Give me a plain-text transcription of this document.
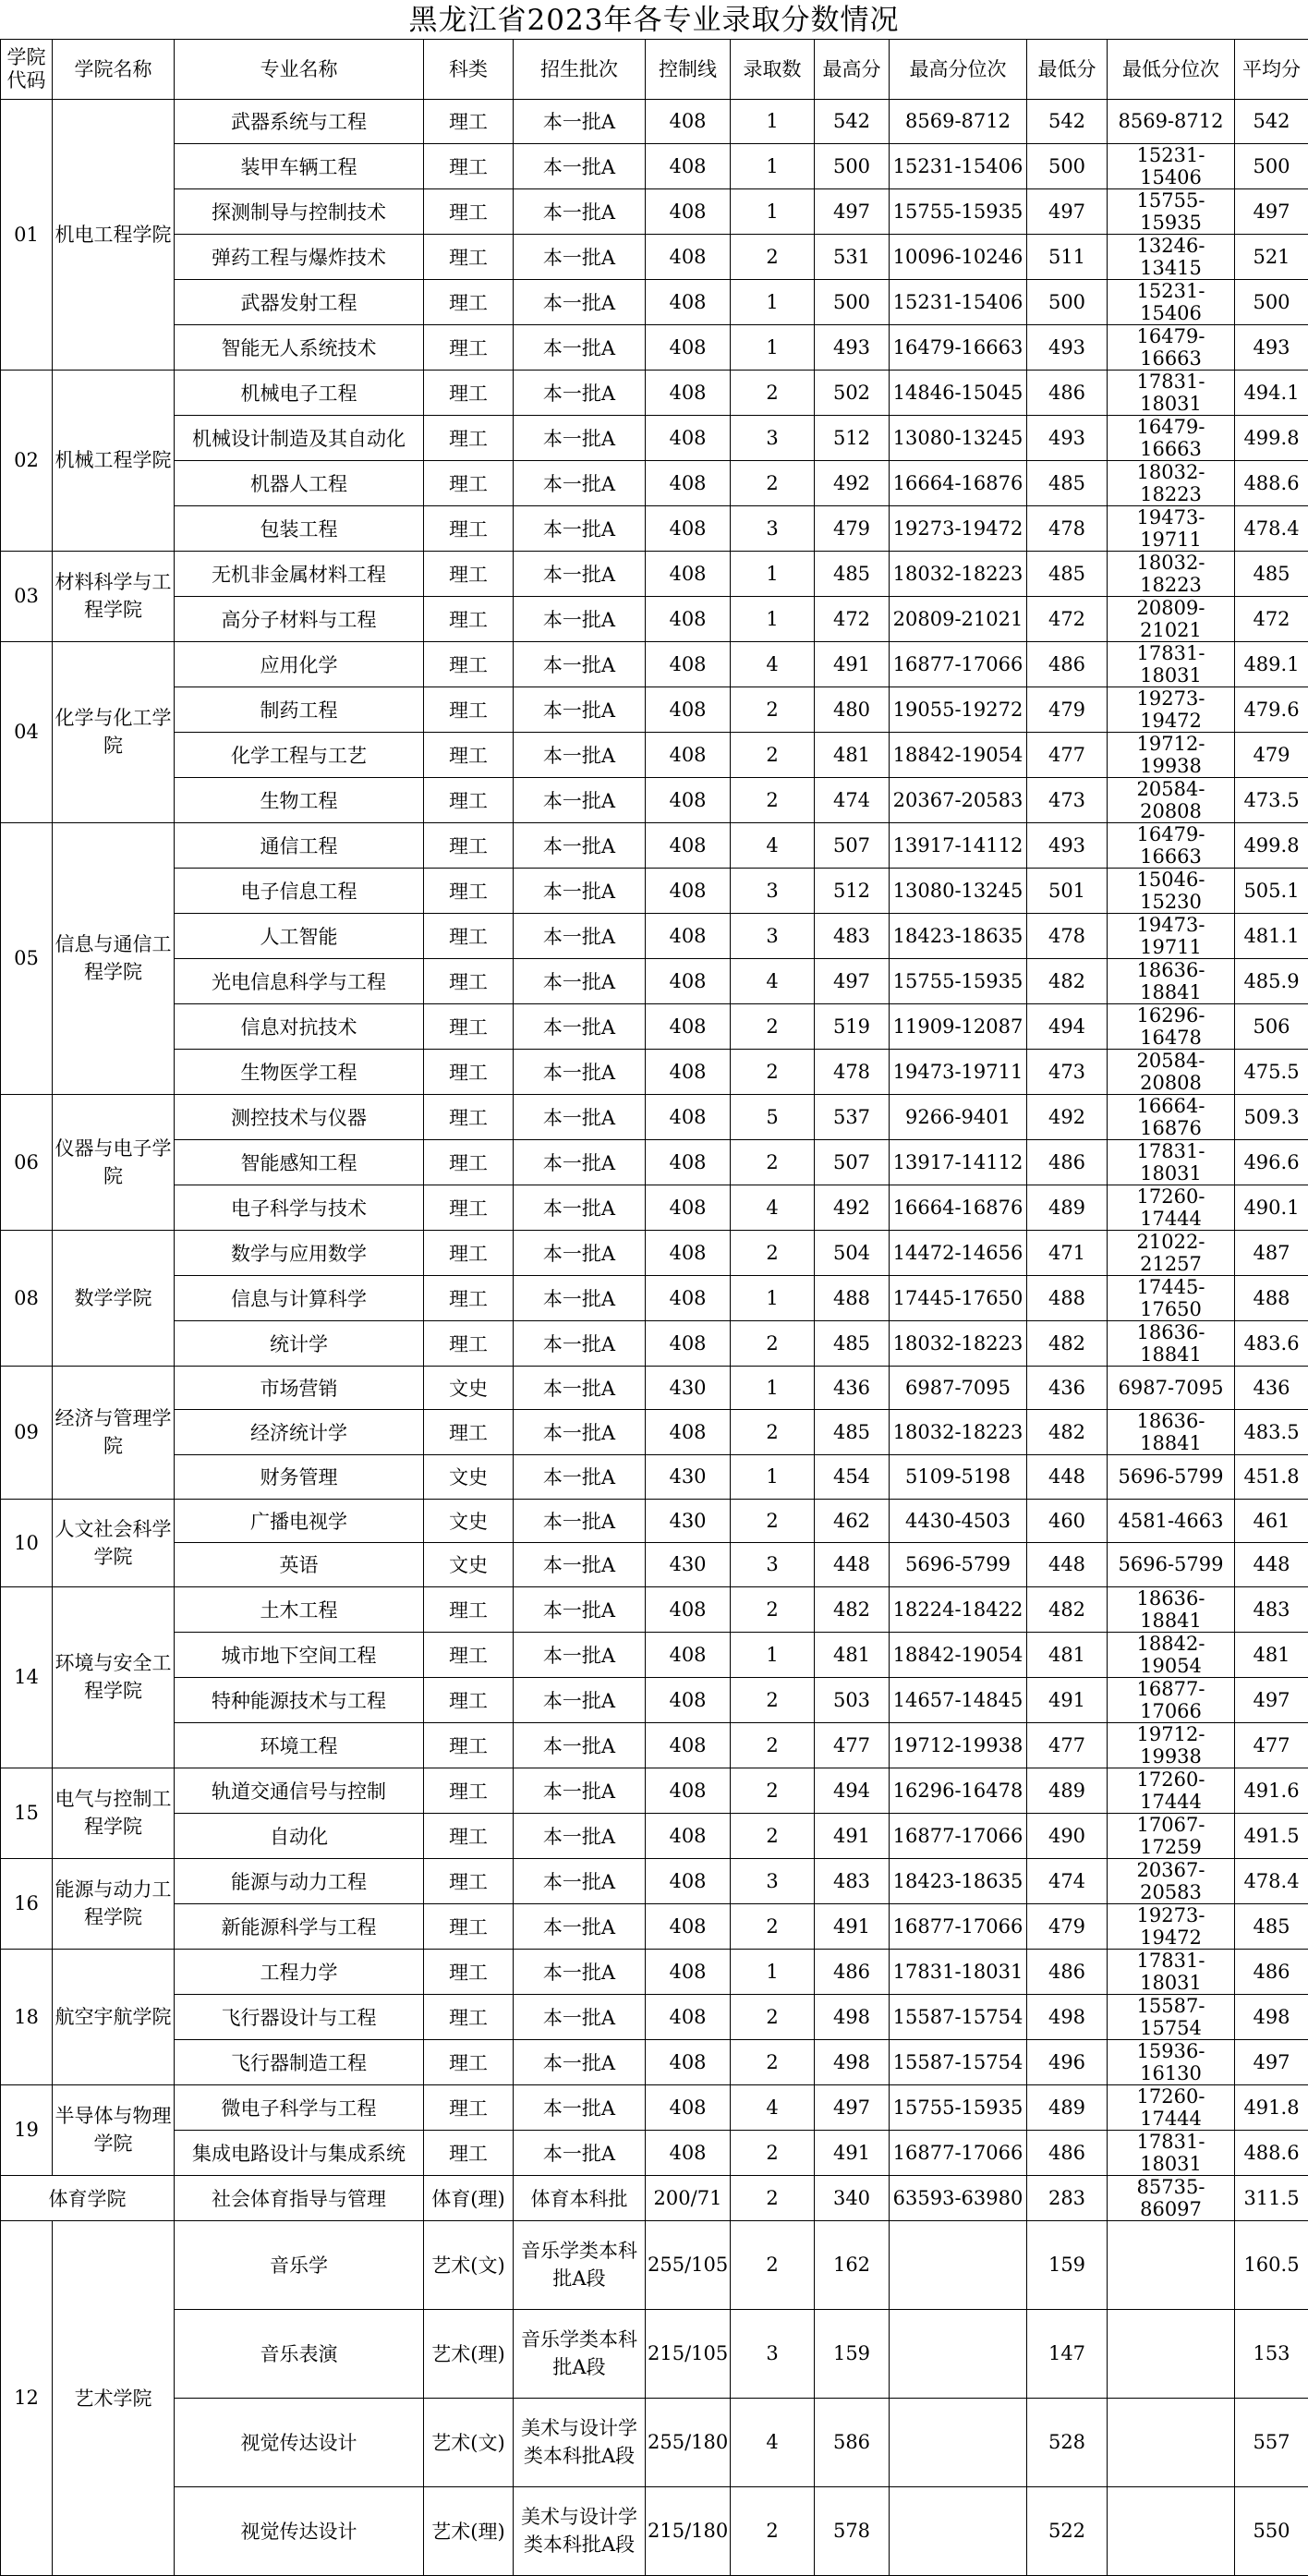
黑龙江省2023年各专业录取分数情况
学院代码	学院名称	专业名称	科类	招生批次	控制线	录取数	最高分	最高分位次	最低分	最低分位次	平均分
01	机电工程学院	武器系统与工程	理工	本一批A	408	1	542	8569-8712	542	8569-8712	542
		装甲车辆工程	理工	本一批A	408	1	500	15231-15406	500	15231-15406	500
		探测制导与控制技术	理工	本一批A	408	1	497	15755-15935	497	15755-15935	497
		弹药工程与爆炸技术	理工	本一批A	408	2	531	10096-10246	511	13246-13415	521
		武器发射工程	理工	本一批A	408	1	500	15231-15406	500	15231-15406	500
		智能无人系统技术	理工	本一批A	408	1	493	16479-16663	493	16479-16663	493
02	机械工程学院	机械电子工程	理工	本一批A	408	2	502	14846-15045	486	17831-18031	494.1
		机械设计制造及其自动化	理工	本一批A	408	3	512	13080-13245	493	16479-16663	499.8
		机器人工程	理工	本一批A	408	2	492	16664-16876	485	18032-18223	488.6
		包装工程	理工	本一批A	408	3	479	19273-19472	478	19473-19711	478.4
03	材料科学与工程学院	无机非金属材料工程	理工	本一批A	408	1	485	18032-18223	485	18032-18223	485
		高分子材料与工程	理工	本一批A	408	1	472	20809-21021	472	20809-21021	472
04	化学与化工学院	应用化学	理工	本一批A	408	4	491	16877-17066	486	17831-18031	489.1
		制药工程	理工	本一批A	408	2	480	19055-19272	479	19273-19472	479.6
		化学工程与工艺	理工	本一批A	408	2	481	18842-19054	477	19712-19938	479
		生物工程	理工	本一批A	408	2	474	20367-20583	473	20584-20808	473.5
05	信息与通信工程学院	通信工程	理工	本一批A	408	4	507	13917-14112	493	16479-16663	499.8
		电子信息工程	理工	本一批A	408	3	512	13080-13245	501	15046-15230	505.1
		人工智能	理工	本一批A	408	3	483	18423-18635	478	19473-19711	481.1
		光电信息科学与工程	理工	本一批A	408	4	497	15755-15935	482	18636-18841	485.9
		信息对抗技术	理工	本一批A	408	2	519	11909-12087	494	16296-16478	506
		生物医学工程	理工	本一批A	408	2	478	19473-19711	473	20584-20808	475.5
06	仪器与电子学院	测控技术与仪器	理工	本一批A	408	5	537	9266-9401	492	16664-16876	509.3
		智能感知工程	理工	本一批A	408	2	507	13917-14112	486	17831-18031	496.6
		电子科学与技术	理工	本一批A	408	4	492	16664-16876	489	17260-17444	490.1
08	数学学院	数学与应用数学	理工	本一批A	408	2	504	14472-14656	471	21022-21257	487
		信息与计算科学	理工	本一批A	408	1	488	17445-17650	488	17445-17650	488
		统计学	理工	本一批A	408	2	485	18032-18223	482	18636-18841	483.6
09	经济与管理学院	市场营销	文史	本一批A	430	1	436	6987-7095	436	6987-7095	436
		经济统计学	理工	本一批A	408	2	485	18032-18223	482	18636-18841	483.5
		财务管理	文史	本一批A	430	1	454	5109-5198	448	5696-5799	451.8
10	人文社会科学学院	广播电视学	文史	本一批A	430	2	462	4430-4503	460	4581-4663	461
		英语	文史	本一批A	430	3	448	5696-5799	448	5696-5799	448
14	环境与安全工程学院	土木工程	理工	本一批A	408	2	482	18224-18422	482	18636-18841	483
		城市地下空间工程	理工	本一批A	408	1	481	18842-19054	481	18842-19054	481
		特种能源技术与工程	理工	本一批A	408	2	503	14657-14845	491	16877-17066	497
		环境工程	理工	本一批A	408	2	477	19712-19938	477	19712-19938	477
15	电气与控制工程学院	轨道交通信号与控制	理工	本一批A	408	2	494	16296-16478	489	17260-17444	491.6
		自动化	理工	本一批A	408	2	491	16877-17066	490	17067-17259	491.5
16	能源与动力工程学院	能源与动力工程	理工	本一批A	408	3	483	18423-18635	474	20367-20583	478.4
		新能源科学与工程	理工	本一批A	408	2	491	16877-17066	479	19273-19472	485
18	航空宇航学院	工程力学	理工	本一批A	408	1	486	17831-18031	486	17831-18031	486
		飞行器设计与工程	理工	本一批A	408	2	498	15587-15754	498	15587-15754	498
		飞行器制造工程	理工	本一批A	408	2	498	15587-15754	496	15936-16130	497
19	半导体与物理学院	微电子科学与工程	理工	本一批A	408	4	497	15755-15935	489	17260-17444	491.8
		集成电路设计与集成系统	理工	本一批A	408	2	491	16877-17066	486	17831-18031	488.6
体育学院		社会体育指导与管理	体育(理)	体育本科批	200/71	2	340	63593-63980	283	85735-86097	311.5
12	艺术学院	音乐学	艺术(文)	音乐学类本科批A段	255/105	2	162		159		160.5
		音乐表演	艺术(理)	音乐学类本科批A段	215/105	3	159		147		153
		视觉传达设计	艺术(文)	美术与设计学类本科批A段	255/180	4	586		528		557
		视觉传达设计	艺术(理)	美术与设计学类本科批A段	215/180	2	578		522		550
